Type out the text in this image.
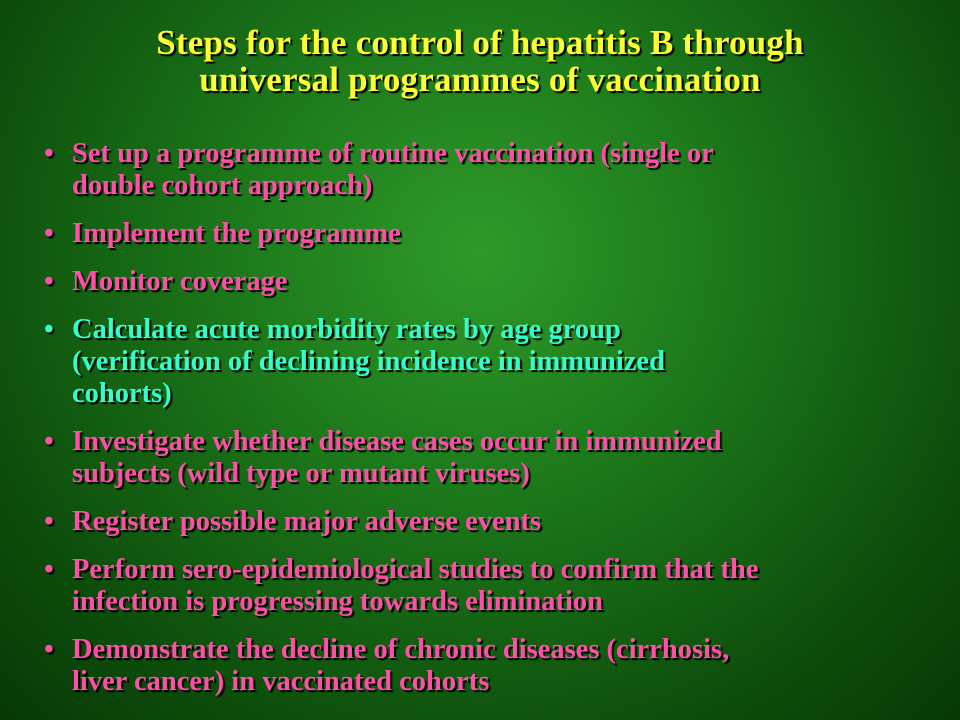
Steps for the control of hepatitis B through
universal programmes of vaccination
• Set up a programme of routine vaccination (single or
double cohort approach)
• Implement the programme
• Monitor coverage
• Calculate acute morbidity rates by age group
(verification of declining incidence in immunized
cohorts)
• Investigate whether disease cases occur in immunized
subjects (wild type or mutant viruses)
• Register possible major adverse events
• Perform sero-epidemiological studies to confirm that the
infection is progressing towards elimination
• Demonstrate the decline of chronic diseases (cirrhosis,
liver cancer) in vaccinated cohorts
